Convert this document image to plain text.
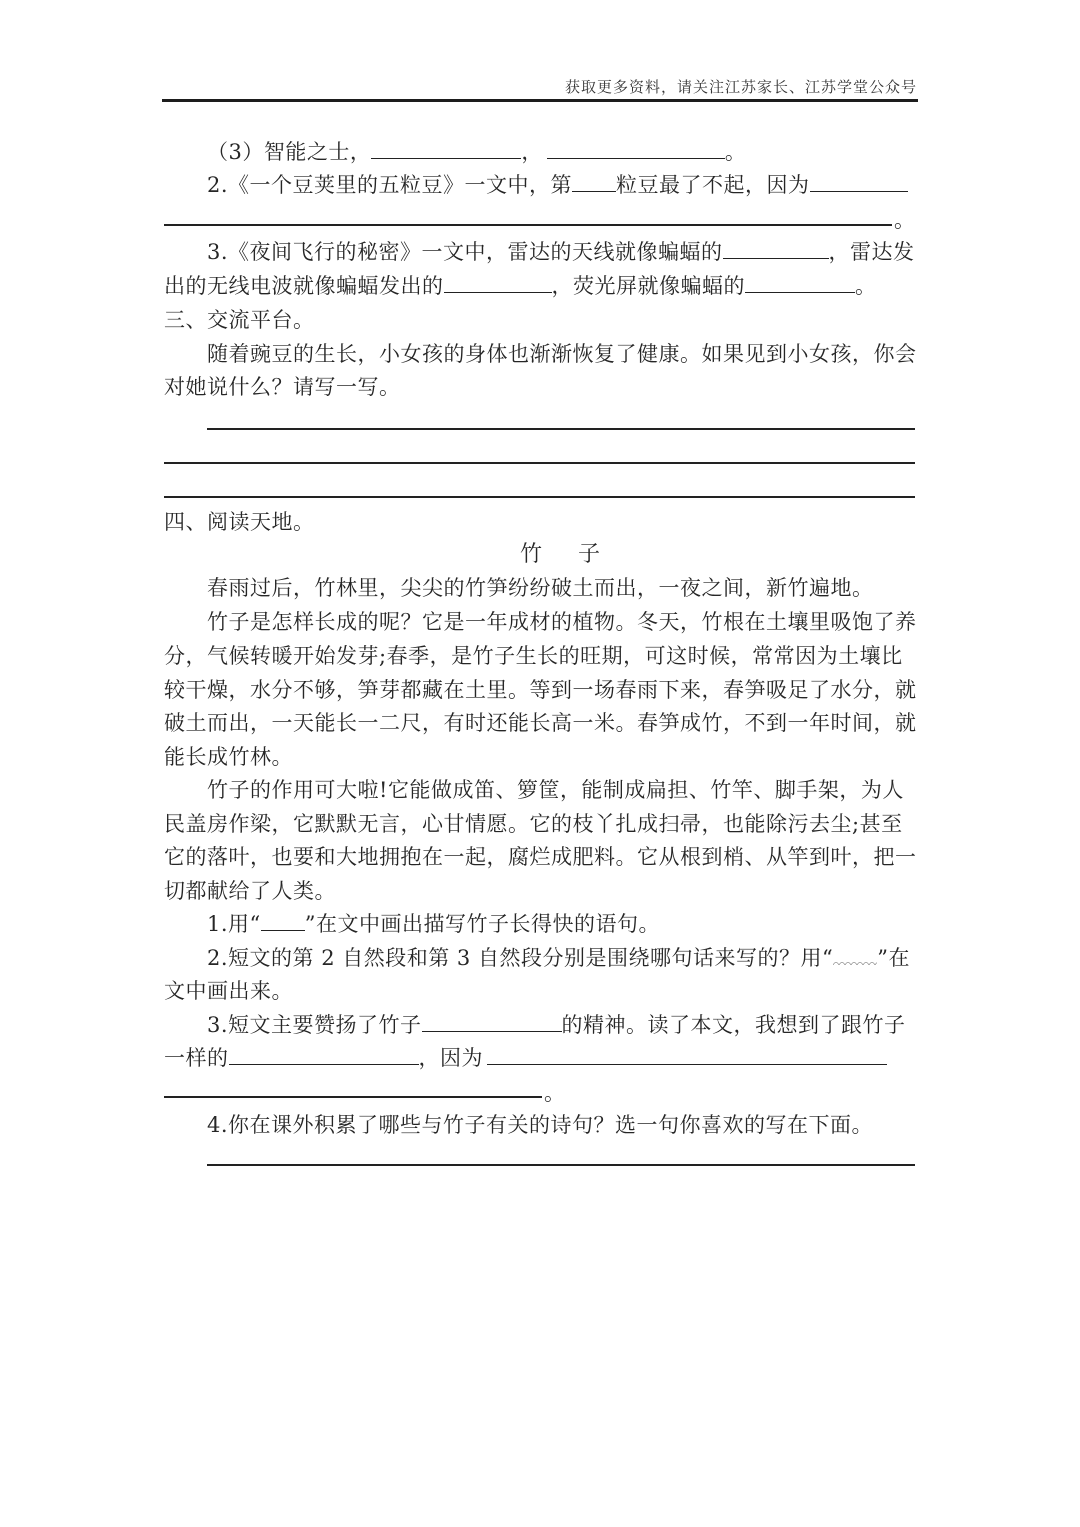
获取更多资料，请关注江苏家长、江苏学堂公众号
（3）智能之士，	，	。
2.《一个豆荚里的五粒豆》一文中，第 粒豆最了不起，因为
。
3.《夜间飞行的秘密》一文中，雷达的天线就像蝙蝠的	，雷达发
出的无线电波就像蝙蝠发出的	，荧光屏就像蝙蝠的	。
三、交流平台。
随着豌豆的生长，小女孩的身体也渐渐恢复了健康。如果见到小女孩，你会
对她说什么？请写一写。
四、阅读天地。
竹子
春雨过后，竹林里，尖尖的竹笋纷纷破土而出，一夜之间，新竹遍地。
竹子是怎样长成的呢？它是一年成材的植物。冬天，竹根在土壤里吸饱了养
分，气候转暖开始发芽;春季，是竹子生长的旺期，可这时候，常常因为土壤比
较干燥，水分不够，笋芽都藏在土里。等到一场春雨下来，春笋吸足了水分，就
破土而出，一天能长一二尺，有时还能长高一米。春笋成竹，不到一年时间，就
能长成竹林。
竹子的作用可大啦!它能做成笛、箩筐，能制成扁担、竹竿、脚手架，为人
民盖房作梁，它默默无言，心甘情愿。它的枝丫扎成扫帚，也能除污去尘;甚至
它的落叶，也要和大地拥抱在一起，腐烂成肥料。它从根到梢、从竿到叶，把一
切都献给了人类。
1.用“ ”在文中画出描写竹子长得快的语句。
2.短文的第 2 自然段和第 3 自然段分别是围绕哪句话来写的？用“ ”在
文中画出来。
3.短文主要赞扬了竹子	的精神。读了本文，我想到了跟竹子
一样的	，因为
。
4.你在课外积累了哪些与竹子有关的诗句？选一句你喜欢的写在下面。
